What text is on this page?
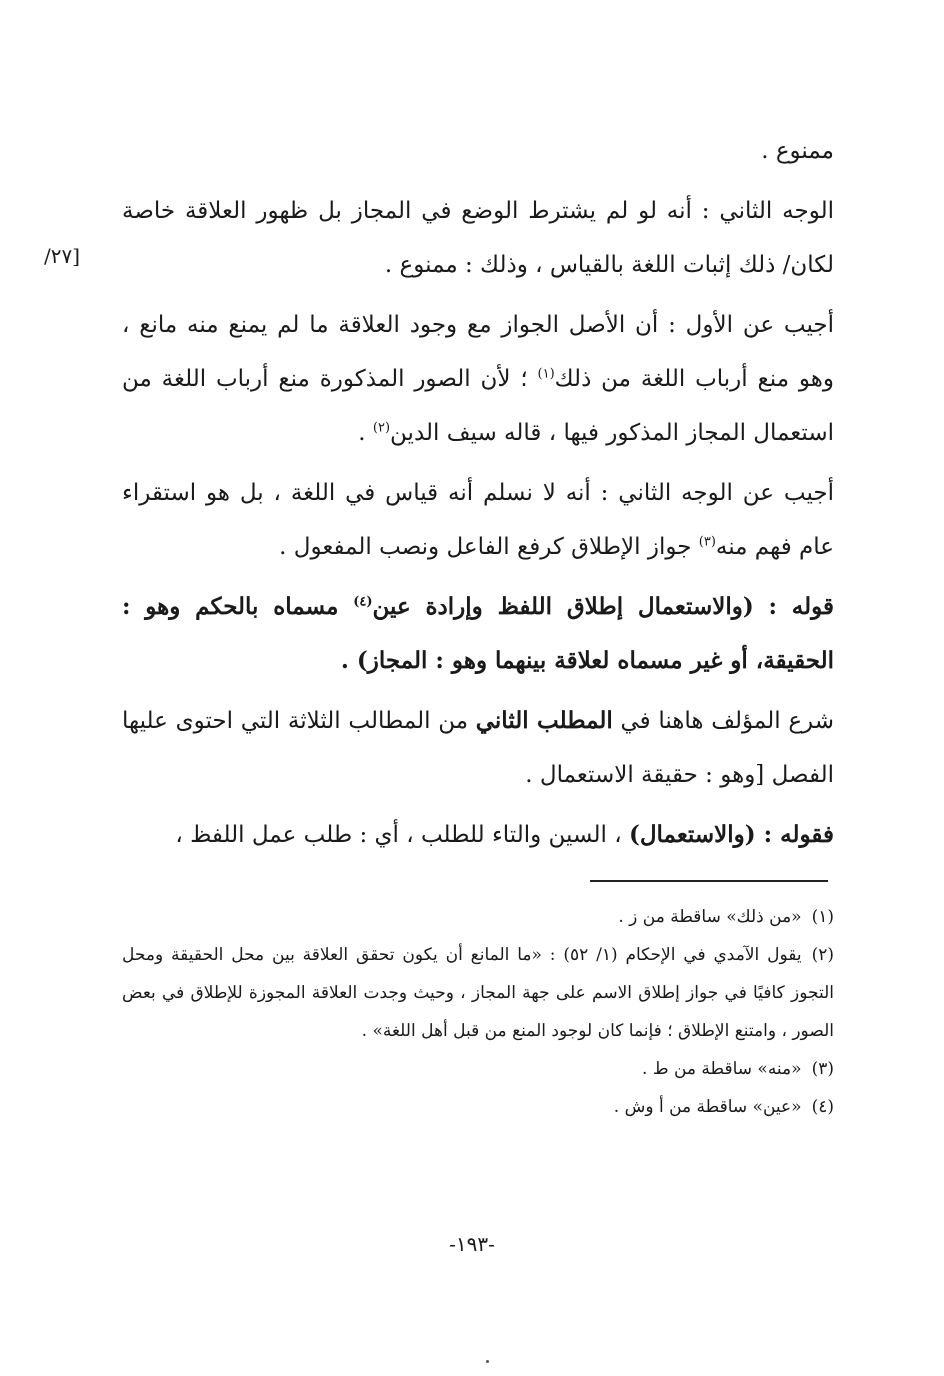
[٢٧/

ممنوع .

الوجه الثاني : أنه لو لم يشترط الوضع في المجاز بل ظهور العلاقة خاصة لكان/ ذلك إثبات اللغة بالقياس ، وذلك : ممنوع .

أجيب عن الأول : أن الأصل الجواز مع وجود العلاقة ما لم يمنع منه مانع ، وهو منع أرباب اللغة من ذلك$^{(١)}$ ؛ لأن الصور المذكورة منع أرباب اللغة من استعمال المجاز المذكور فيها ، قاله سيف الدين$^{(٢)}$ .

أجيب عن الوجه الثاني : أنه لا نسلم أنه قياس في اللغة ، بل هو استقراء عام فهم منه$^{(٣)}$ جواز الإطلاق كرفع الفاعل ونصب المفعول .

قوله : (والاستعمال إطلاق اللفظ وإرادة عين$^{(٤)}$ مسماه بالحكم وهو : الحقيقة، أو غير مسماه لعلاقة بينهما وهو : المجاز) .

شرع المؤلف هاهنا في المطلب الثاني من المطالب الثلاثة التي احتوى عليها الفصل [وهو : حقيقة الاستعمال .

فقوله : (والاستعمال) ، السين والتاء للطلب ، أي : طلب عمل اللفظ ،

(١)«من ذلك» ساقطة من ز .

(٢)يقول الآمدي في الإحكام (١/ ٥٢) : «ما المانع أن يكون تحقق العلاقة بين محل الحقيقة ومحل التجوز كافيًا في جواز إطلاق الاسم على جهة المجاز ، وحيث وجدت العلاقة المجوزة للإطلاق في بعض الصور ، وامتنع الإطلاق ؛ فإنما كان لوجود المنع من قبل أهل اللغة» .

(٣)«منه» ساقطة من ط .

(٤)«عين» ساقطة من أ وش .

-١٩٣-
